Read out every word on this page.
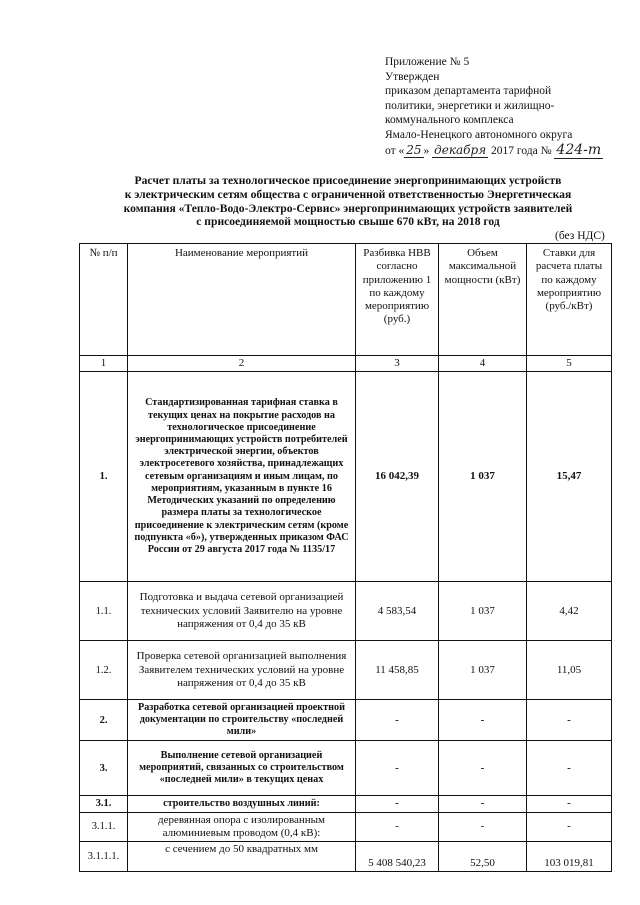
Приложение № 5
Утвержден
приказом департамента тарифной
политики, энергетики и жилищно-
коммунального комплекса
Ямало-Ненецкого автономного округа
от « 25 » декабря 2017 года № 424-т
Расчет платы за технологическое присоединение энергопринимающих устройств
к электрическим сетям общества с ограниченной ответственностью Энергетическая
компания «Тепло-Водо-Электро-Сервис» энергопринимающих устройств заявителей
с присоединяемой мощностью свыше 670 кВт, на 2018 год
(без НДС)
№ п/п	Наименование мероприятий	Разбивка НВВ согласно приложению 1 по каждому мероприятию (руб.)	Объем максимальной мощности (кВт)	Ставки для расчета платы по каждому мероприятию (руб./кВт)
1	2	3	4	5
1.	Стандартизированная тарифная ставка в текущих ценах на покрытие расходов на технологическое присоединение энергопринимающих устройств потребителей электрической энергии, объектов электросетевого хозяйства, принадлежащих сетевым организациям и иным лицам, по мероприятиям, указанным в пункте 16 Методических указаний по определению размера платы за технологическое присоединение к электрическим сетям (кроме подпункта «б»), утвержденных приказом ФАС России от 29 августа 2017 года № 1135/17	16 042,39	1 037	15,47
1.1.	Подготовка и выдача сетевой организацией технических условий Заявителю на уровне напряжения от 0,4 до 35 кВ	4 583,54	1 037	4,42
1.2.	Проверка сетевой организацией выполнения Заявителем технических условий на уровне напряжения от 0,4 до 35 кВ	11 458,85	1 037	11,05
2.	Разработка сетевой организацией проектной документации по строительству «последней мили»	-	-	-
3.	Выполнение сетевой организацией мероприятий, связанных со строительством «последней мили» в текущих ценах	-	-	-
3.1.	строительство воздушных линий:	-	-	-
3.1.1.	деревянная опора с изолированным алюминиевым проводом (0,4 кВ):	-	-	-
3.1.1.1.	с сечением до 50 квадратных мм	5 408 540,23	52,50	103 019,81
